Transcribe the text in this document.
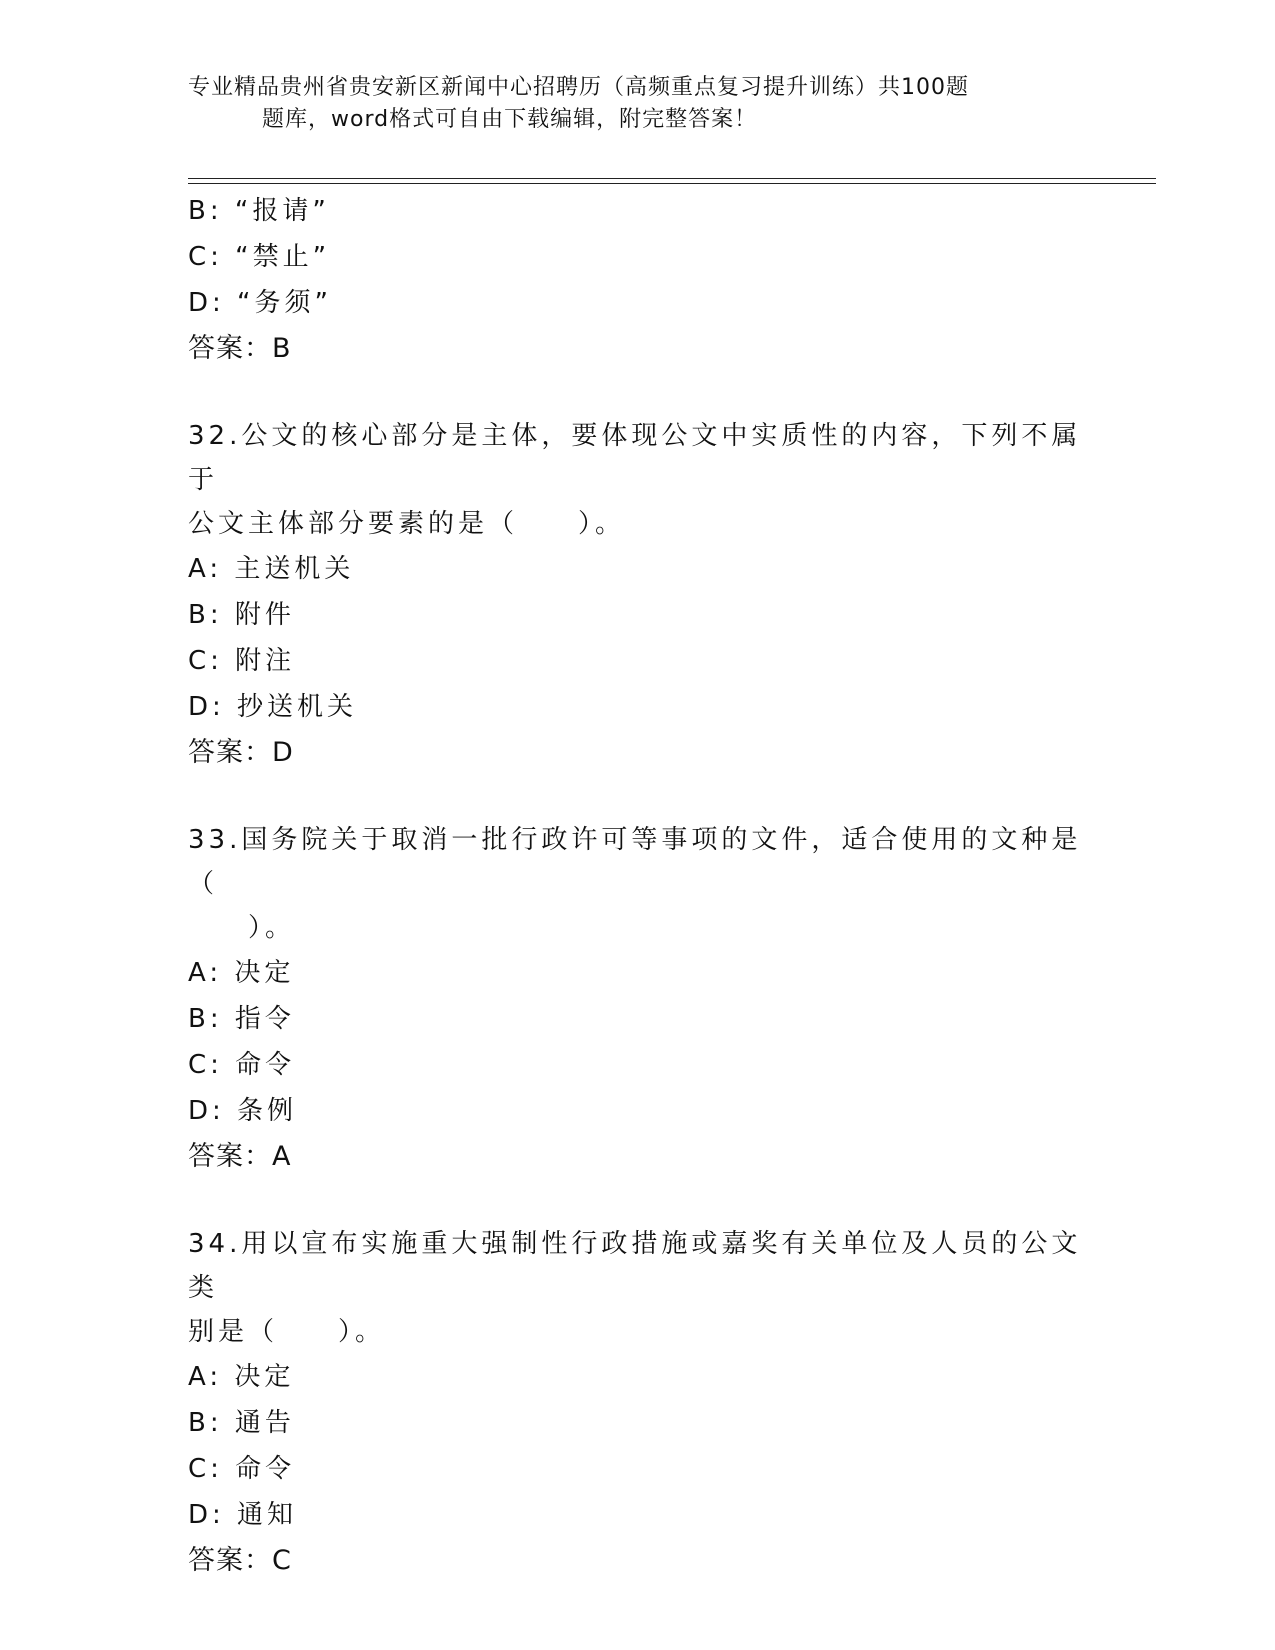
专业精品贵州省贵安新区新闻中心招聘历（高频重点复习提升训练）共100题
题库，word格式可自由下载编辑，附完整答案！
B: “报请”
C: “禁止”
D: “务须”
答案：B
32.公文的核心部分是主体，要体现公文中实质性的内容，下列不属于
公文主体部分要素的是（　　）。
A: 主送机关
B: 附件
C: 附注
D: 抄送机关
答案：D
33.国务院关于取消一批行政许可等事项的文件，适合使用的文种是（
　　）。
A: 决定
B: 指令
C: 命令
D: 条例
答案：A
34.用以宣布实施重大强制性行政措施或嘉奖有关单位及人员的公文类
别是（　　）。
A: 决定
B: 通告
C: 命令
D: 通知
答案：C
